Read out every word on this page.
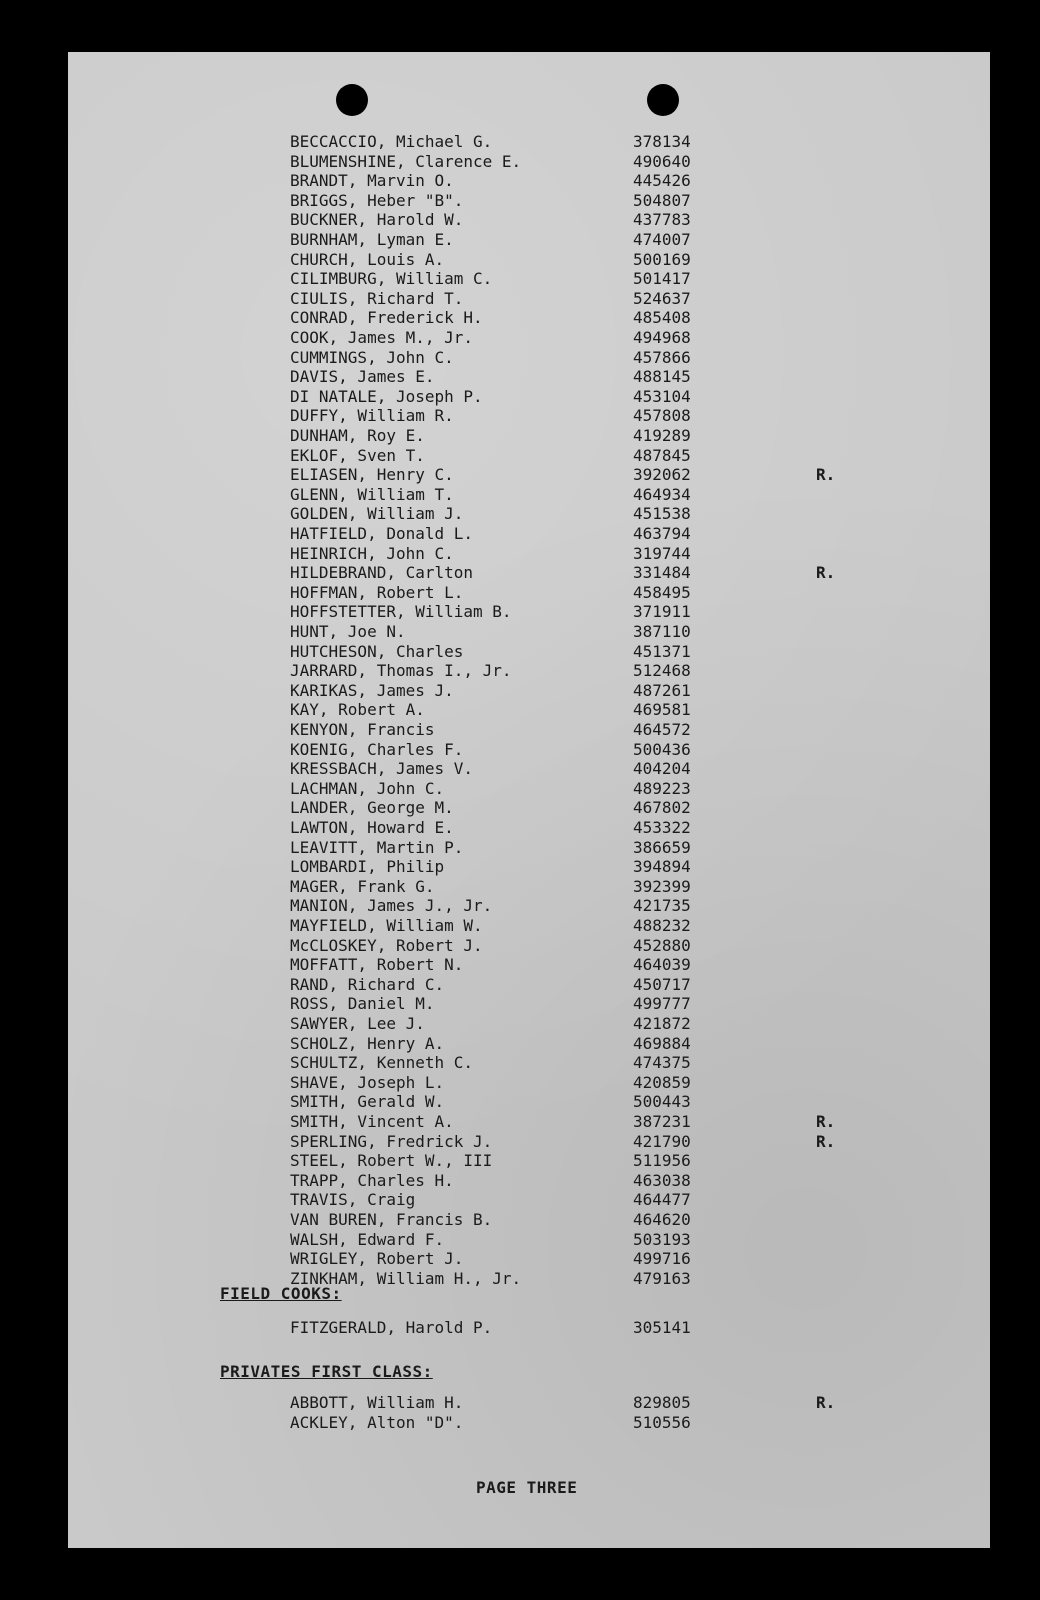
BECCACCIO, Michael G.	378134
BLUMENSHINE, Clarence E.	490640
BRANDT, Marvin O.	445426
BRIGGS, Heber "B".	504807
BUCKNER, Harold W.	437783
BURNHAM, Lyman E.	474007
CHURCH, Louis A.	500169
CILIMBURG, William C.	501417
CIULIS, Richard T.	524637
CONRAD, Frederick H.	485408
COOK, James M., Jr.	494968
CUMMINGS, John C.	457866
DAVIS, James E.	488145
DI NATALE, Joseph P.	453104
DUFFY, William R.	457808
DUNHAM, Roy E.	419289
EKLOF, Sven T.	487845
ELIASEN, Henry C.	392062	R.
GLENN, William T.	464934
GOLDEN, William J.	451538
HATFIELD, Donald L.	463794
HEINRICH, John C.	319744
HILDEBRAND, Carlton	331484	R.
HOFFMAN, Robert L.	458495
HOFFSTETTER, William B.	371911
HUNT, Joe N.	387110
HUTCHESON, Charles	451371
JARRARD, Thomas I., Jr.	512468
KARIKAS, James J.	487261
KAY, Robert A.	469581
KENYON, Francis	464572
KOENIG, Charles F.	500436
KRESSBACH, James V.	404204
LACHMAN, John C.	489223
LANDER, George M.	467802
LAWTON, Howard E.	453322
LEAVITT, Martin P.	386659
LOMBARDI, Philip	394894
MAGER, Frank G.	392399
MANION, James J., Jr.	421735
MAYFIELD, William W.	488232
McCLOSKEY, Robert J.	452880
MOFFATT, Robert N.	464039
RAND, Richard C.	450717
ROSS, Daniel M.	499777
SAWYER, Lee J.	421872
SCHOLZ, Henry A.	469884
SCHULTZ, Kenneth C.	474375
SHAVE, Joseph L.	420859
SMITH, Gerald W.	500443
SMITH, Vincent A.	387231	R.
SPERLING, Fredrick J.	421790	R.
STEEL, Robert W., III	511956
TRAPP, Charles H.	463038
TRAVIS, Craig	464477
VAN BUREN, Francis B.	464620
WALSH, Edward F.	503193
WRIGLEY, Robert J.	499716
ZINKHAM, William H., Jr.	479163
FIELD COOKS:
FITZGERALD, Harold P.	305141
PRIVATES FIRST CLASS:
ABBOTT, William H.	829805	R.
ACKLEY, Alton "D".	510556
PAGE THREE
